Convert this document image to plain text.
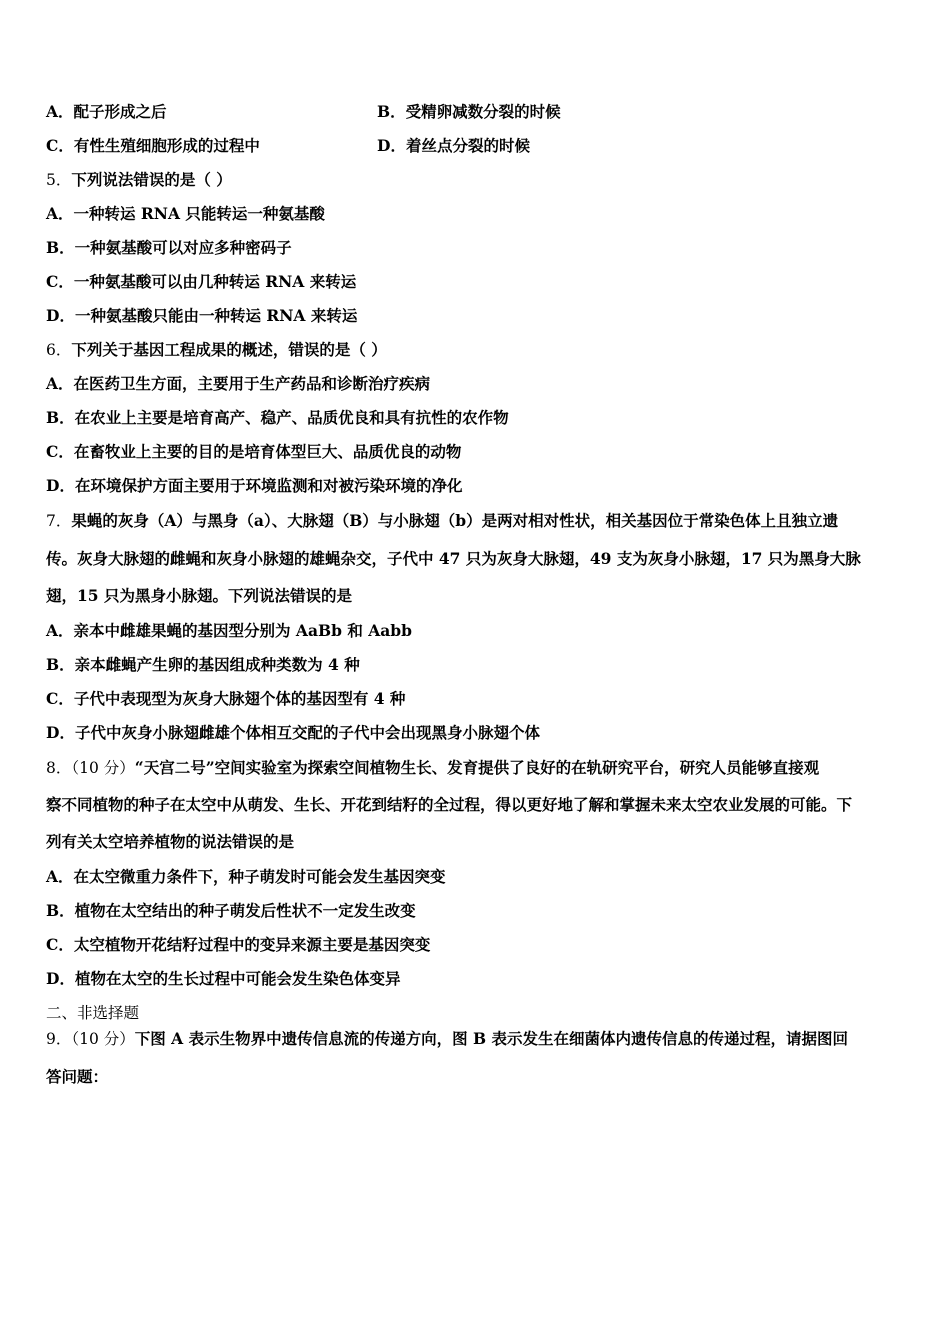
A．配子形成之后	B．受精卵减数分裂的时候
C．有性生殖细胞形成的过程中	D．着丝点分裂的时候
5．下列说法错误的是（ ）
A．一种转运 RNA 只能转运一种氨基酸
B．一种氨基酸可以对应多种密码子
C．一种氨基酸可以由几种转运 RNA 来转运
D．一种氨基酸只能由一种转运 RNA 来转运
6．下列关于基因工程成果的概述，错误的是（ ）
A．在医药卫生方面，主要用于生产药品和诊断治疗疾病
B．在农业上主要是培育高产、稳产、品质优良和具有抗性的农作物
C．在畜牧业上主要的目的是培育体型巨大、品质优良的动物
D．在环境保护方面主要用于环境监测和对被污染环境的净化
7．果蝇的灰身（A）与黑身（a）、大脉翅（B）与小脉翅（b）是两对相对性状，相关基因位于常染色体上且独立遗
传。灰身大脉翅的雌蝇和灰身小脉翅的雄蝇杂交，子代中 47 只为灰身大脉翅，49 支为灰身小脉翅，17 只为黑身大脉
翅，15 只为黑身小脉翅。下列说法错误的是
A．亲本中雌雄果蝇的基因型分别为 AaBb 和 Aabb
B．亲本雌蝇产生卵的基因组成种类数为 4 种
C．子代中表现型为灰身大脉翅个体的基因型有 4 种
D．子代中灰身小脉翅雌雄个体相互交配的子代中会出现黑身小脉翅个体
8．（10 分）“天宫二号”空间实验室为探索空间植物生长、发育提供了良好的在轨研究平台，研究人员能够直接观
察不同植物的种子在太空中从萌发、生长、开花到结籽的全过程，得以更好地了解和掌握未来太空农业发展的可能。下
列有关太空培养植物的说法错误的是
A．在太空微重力条件下，种子萌发时可能会发生基因突变
B．植物在太空结出的种子萌发后性状不一定发生改变
C．太空植物开花结籽过程中的变异来源主要是基因突变
D．植物在太空的生长过程中可能会发生染色体变异
二、非选择题
9．（10 分）下图 A 表示生物界中遗传信息流的传递方向，图 B 表示发生在细菌体内遗传信息的传递过程，请据图回
答问题：
